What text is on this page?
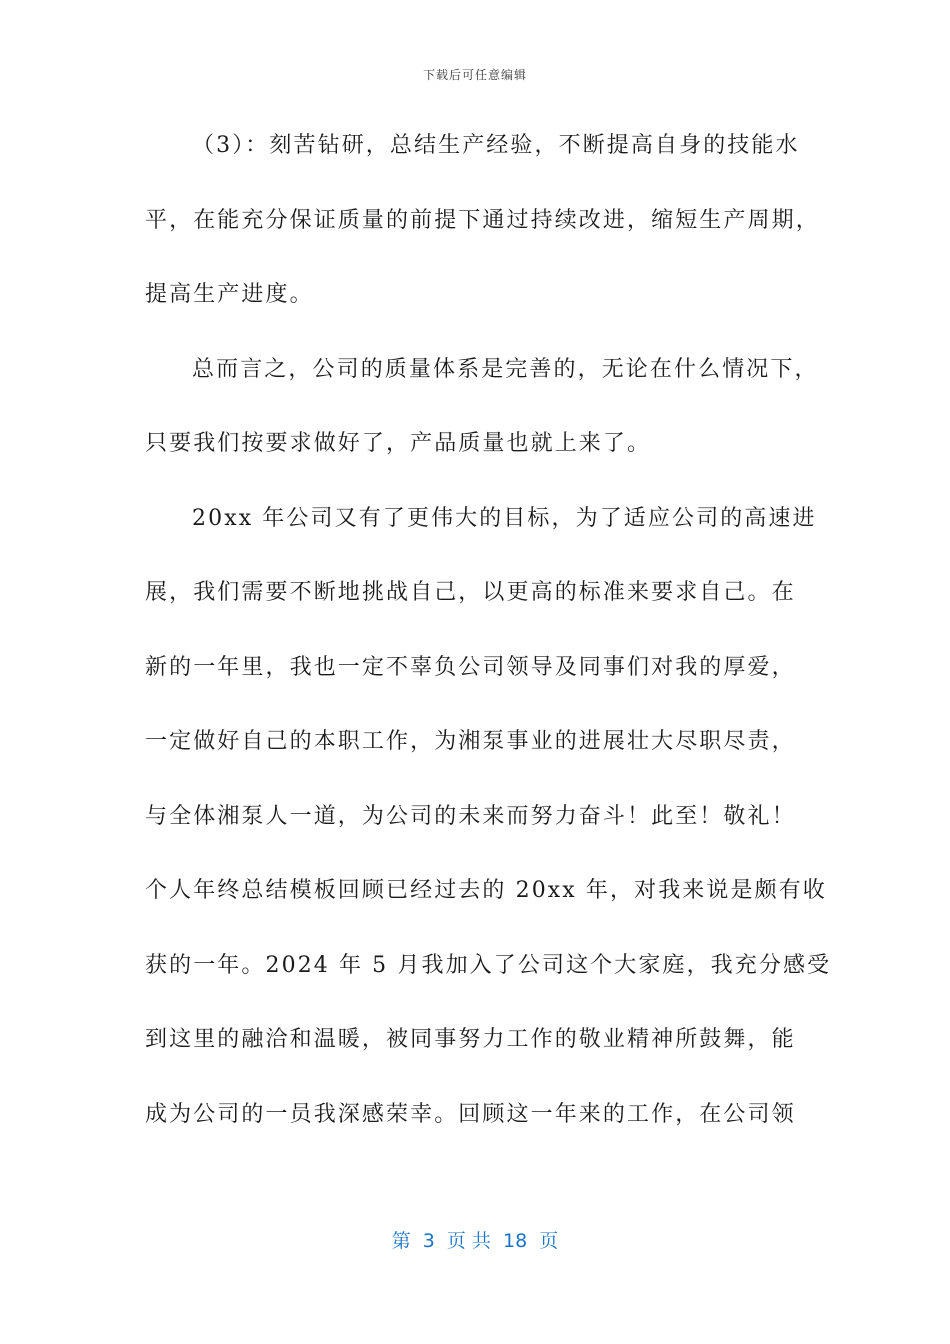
下载后可任意编辑
（3）：刻苦钻研，总结生产经验，不断提高自身的技能水
平，在能充分保证质量的前提下通过持续改进，缩短生产周期，
提高生产进度。
总而言之，公司的质量体系是完善的，无论在什么情况下，
只要我们按要求做好了，产品质量也就上来了。
20xx 年公司又有了更伟大的目标，为了适应公司的高速进
展，我们需要不断地挑战自己，以更高的标准来要求自己。在
新的一年里，我也一定不辜负公司领导及同事们对我的厚爱，
一定做好自己的本职工作，为湘泵事业的进展壮大尽职尽责，
与全体湘泵人一道，为公司的未来而努力奋斗！此至！敬礼！
个人年终总结模板回顾已经过去的 20xx 年，对我来说是颇有收
获的一年。2024 年 5 月我加入了公司这个大家庭，我充分感受
到这里的融洽和温暖，被同事努力工作的敬业精神所鼓舞，能
成为公司的一员我深感荣幸。回顾这一年来的工作，在公司领
第  3  页 共  18  页
